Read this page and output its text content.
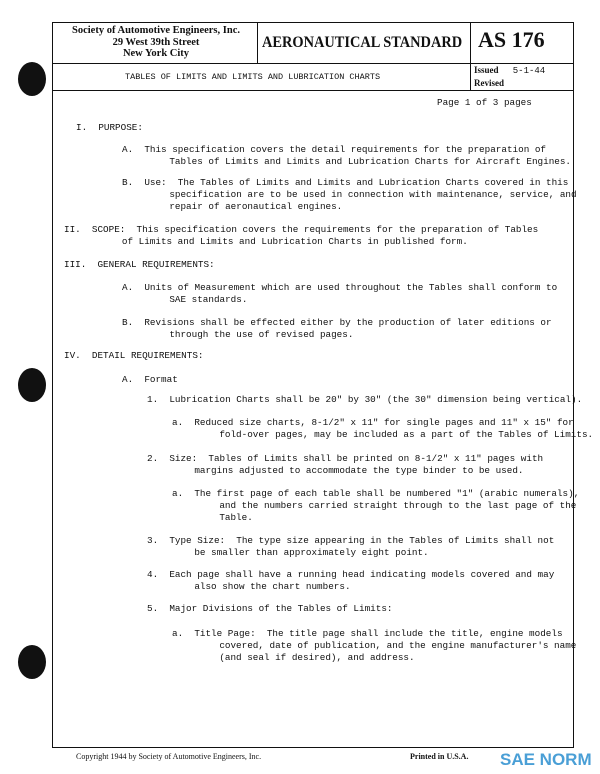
Society of Automotive Engineers, Inc.
29 West 39th Street
New York City
AERONAUTICAL STANDARD AS 176
TABLES OF LIMITS AND LIMITS AND LUBRICATION CHARTS
Issued 5-1-44
Revised
Page 1 of 3 pages
I.  PURPOSE:
A.  This specification covers the detail requirements for the preparation of
Tables of Limits and Limits and Lubrication Charts for Aircraft Engines.
B.  Use:  The Tables of Limits and Limits and Lubrication Charts covered in this
specification are to be used in connection with maintenance, service, and
repair of aeronautical engines.
II.  SCOPE:  This specification covers the requirements for the preparation of Tables
of Limits and Limits and Lubrication Charts in published form.
III.  GENERAL REQUIREMENTS:
A.  Units of Measurement which are used throughout the Tables shall conform to
SAE standards.
B.  Revisions shall be effected either by the production of later editions or
through the use of revised pages.
IV.  DETAIL REQUIREMENTS:
A.  Format
1.  Lubrication Charts shall be 20" by 30" (the 30" dimension being vertical).
a.  Reduced size charts, 8-1/2" x 11" for single pages and 11" x 15" for
fold-over pages, may be included as a part of the Tables of Limits.
2.  Size:  Tables of Limits shall be printed on 8-1/2" x 11" pages with
margins adjusted to accommodate the type binder to be used.
a.  The first page of each table shall be numbered "1" (arabic numerals),
and the numbers carried straight through to the last page of the
Table.
3.  Type Size:  The type size appearing in the Tables of Limits shall not
be smaller than approximately eight point.
4.  Each page shall have a running head indicating models covered and may
also show the chart numbers.
5.  Major Divisions of the Tables of Limits:
a.  Title Page:  The title page shall include the title, engine models
covered, date of publication, and the engine manufacturer's name
(and seal if desired), and address.
Copyright 1944 by Society of Automotive Engineers, Inc.	Printed in U.S.A. SAE NORM
